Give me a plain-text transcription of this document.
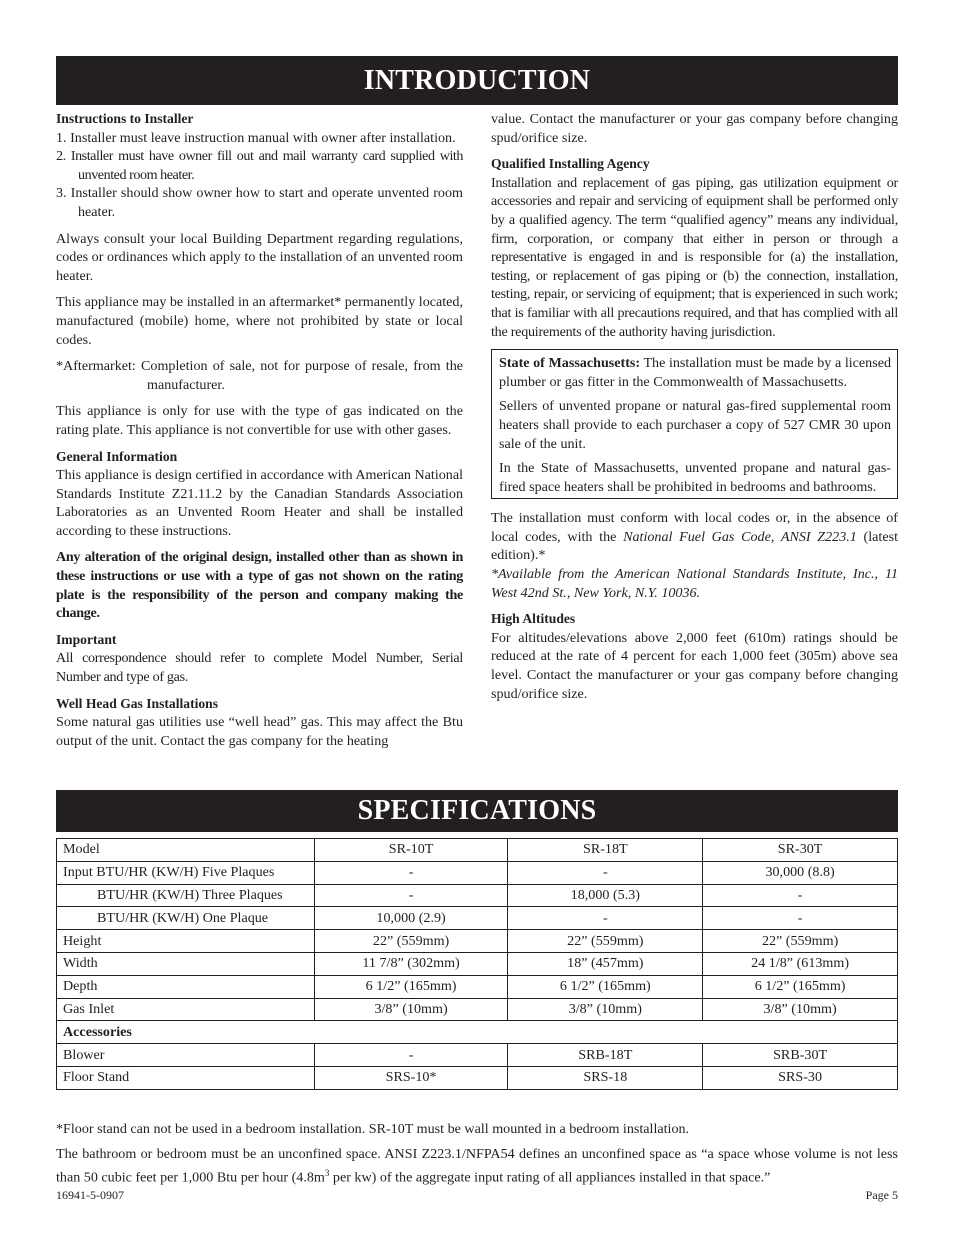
INTRODUCTION
Instructions to Installer
1. Installer must leave instruction manual with owner after installation.
2. Installer must have owner fill out and mail warranty card supplied with unvented room heater.
3. Installer should show owner how to start and operate unvented room heater.

Always consult your local Building Department regarding regulations, codes or ordinances which apply to the installation of an unvented room heater.

This appliance may be installed in an aftermarket* permanently located, manufactured (mobile) home, where not prohibited by state or local codes.

*Aftermarket: Completion of sale, not for purpose of resale, from the manufacturer.

This appliance is only for use with the type of gas indicated on the rating plate. This appliance is not convertible for use with other gases.

General Information

This appliance is design certified in accordance with American National Standards Institute Z21.11.2 by the Canadian Standards Association Laboratories as an Unvented Room Heater and shall be installed according to these instructions.

Any alteration of the original design, installed other than as shown in these instructions or use with a type of gas not shown on the rating plate is the responsibility of the person and company making the change.

Important

All correspondence should refer to complete Model Number, Serial Number and type of gas.

Well Head Gas Installations

Some natural gas utilities use “well head” gas. This may affect the Btu output of the unit. Contact the gas company for the heating

value. Contact the manufacturer or your gas company before changing spud/orifice size.

Qualified Installing Agency

Installation and replacement of gas piping, gas utilization equipment or accessories and repair and servicing of equipment shall be performed only by a qualified agency. The term “qualified agency” means any individual, firm, corporation, or company that either in person or through a representative is engaged in and is responsible for (a) the installation, testing, or replacement of gas piping or (b) the connection, installation, testing, repair, or servicing of equipment; that is experienced in such work; that is familiar with all precautions required, and that has complied with all the requirements of the authority having jurisdiction.

State of Massachusetts: The installation must be made by a licensed plumber or gas fitter in the Commonwealth of Massachusetts.

Sellers of unvented propane or natural gas-fired supplemental room heaters shall provide to each purchaser a copy of 527 CMR 30 upon sale of the unit.

In the State of Massachusetts, unvented propane and natural gas-fired space heaters shall be prohibited in bedrooms and bathrooms.

The installation must conform with local codes or, in the absence of local codes, with the National Fuel Gas Code, ANSI Z223.1 (latest edition).*

*Available from the American National Standards Institute, Inc., 11 West 42nd St., New York, N.Y. 10036.

High Altitudes

For altitudes/elevations above 2,000 feet (610m) ratings should be reduced at the rate of 4 percent for each 1,000 feet (305m) above sea level. Contact the manufacturer or your gas company before changing spud/orifice size.

SPECIFICATIONS
Model	SR-10T	SR-18T	SR-30T
Input BTU/HR (KW/H) Five Plaques	-	-	30,000 (8.8)
BTU/HR (KW/H) Three Plaques	-	18,000 (5.3)	-
BTU/HR (KW/H) One Plaque	10,000 (2.9)	-	-
Height	22” (559mm)	22” (559mm)	22” (559mm)
Width	11 7/8” (302mm)	18” (457mm)	24 1/8” (613mm)
Depth	6 1/2” (165mm)	6 1/2” (165mm)	6 1/2” (165mm)
Gas Inlet	3/8” (10mm)	3/8” (10mm)	3/8” (10mm)
Accessories			
Blower	-	SRB-18T	SRB-30T
Floor Stand	SRS-10*	SRS-18	SRS-30
*Floor stand can not be used in a bedroom installation. SR-10T must be wall mounted in a bedroom installation.
The bathroom or bedroom must be an unconfined space. ANSI Z223.1/NFPA54 defines an unconfined space as “a space whose volume is not less than 50 cubic feet per 1,000 Btu per hour ($4.8m^3$ per kw) of the aggregate input rating of all appliances installed in that space.”
16941-5-0907	Page 5
